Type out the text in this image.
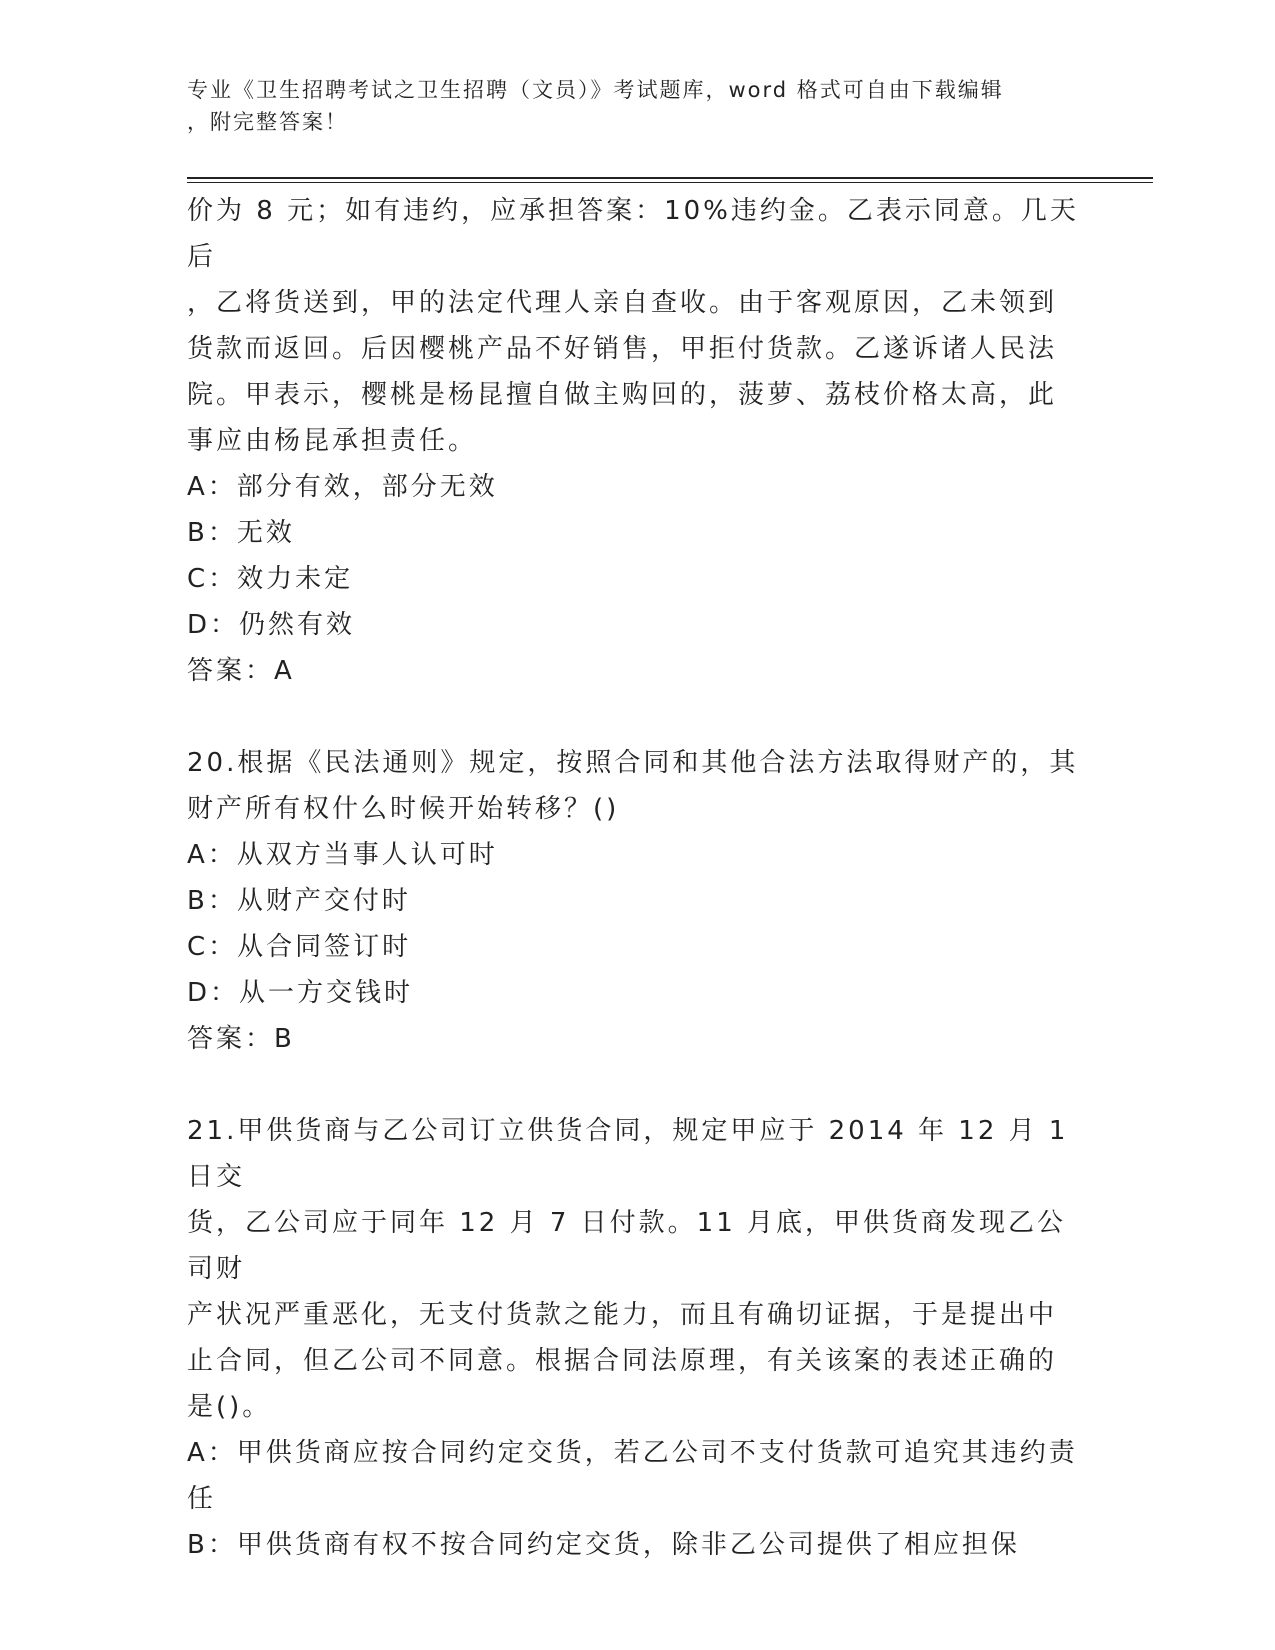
专业《卫生招聘考试之卫生招聘（文员）》考试题库，word 格式可自由下载编辑
，附完整答案！

价为 8 元；如有违约，应承担答案：10%违约金。乙表示同意。几天后

，乙将货送到，甲的法定代理人亲自查收。由于客观原因，乙未领到

货款而返回。后因樱桃产品不好销售，甲拒付货款。乙遂诉诸人民法

院。甲表示，樱桃是杨昆擅自做主购回的，菠萝、荔枝价格太高，此

事应由杨昆承担责任。

A：部分有效，部分无效

B：无效

C：效力未定

D：仍然有效

答案：A

20.根据《民法通则》规定，按照合同和其他合法方法取得财产的，其

财产所有权什么时候开始转移？()

A：从双方当事人认可时

B：从财产交付时

C：从合同签订时

D：从一方交钱时

答案：B

21.甲供货商与乙公司订立供货合同，规定甲应于 2014 年 12 月 1 日交

货，乙公司应于同年 12 月 7 日付款。11 月底，甲供货商发现乙公司财

产状况严重恶化，无支付货款之能力，而且有确切证据，于是提出中

止合同，但乙公司不同意。根据合同法原理，有关该案的表述正确的

是()。

A：甲供货商应按合同约定交货，若乙公司不支付货款可追究其违约责

任

B：甲供货商有权不按合同约定交货，除非乙公司提供了相应担保
